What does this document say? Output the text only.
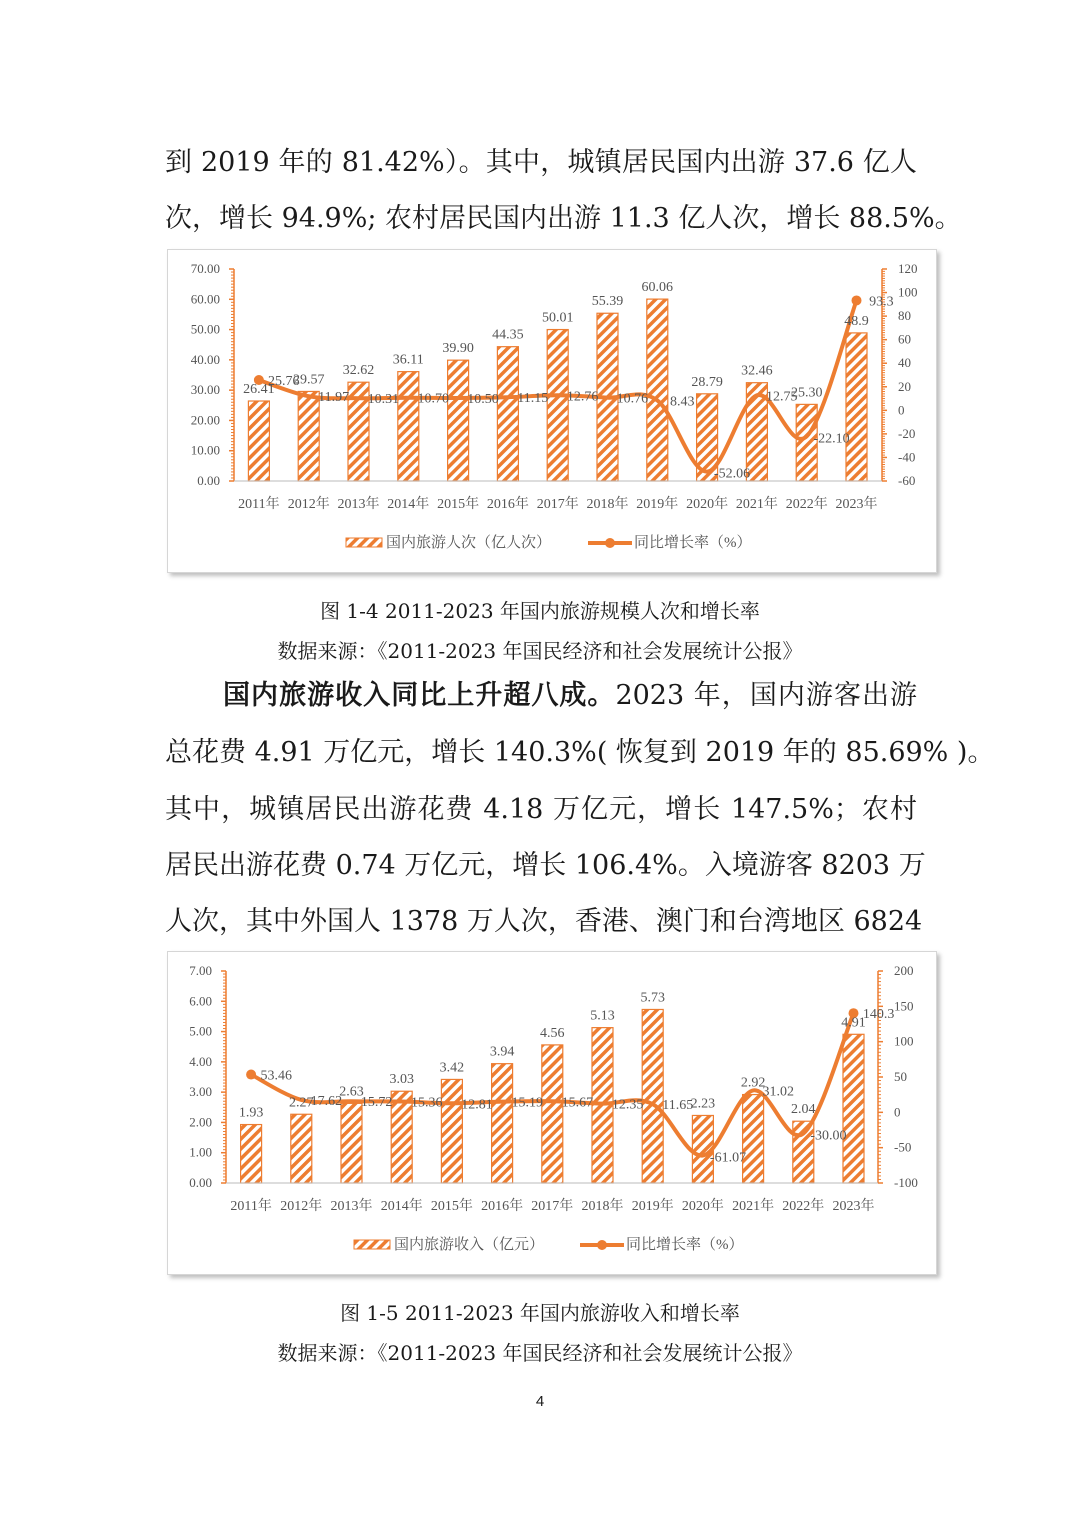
到 2019 年的 81.42%）。其中，城镇居民国内出游 37.6 亿人
次，增长 94.9%; 农村居民国内出游 11.3 亿人次，增长 88.5%。
0.00
10.00
20.00
30.00
40.00
50.00
60.00
70.00
-60
-40
-20
0
20
40
60
80
100
120
2011年 2012年 2013年 2014年 2015年 2016年 2017年 2018年 2019年 2020年 2021年 2022年 2023年
26.41
29.57
32.62
36.11
39.90
44.35
50.01
55.39
60.06
28.79
32.46
25.30
48.9
25.76
11.97 10.31 10.70 10.50 11.15 12.76 10.76 8.43
-52.06
12.75
-22.10
93.3
国内旅游人次（亿人次）	同比增长率（%）
图 1-4 2011-2023 年国内旅游规模人次和增长率
数据来源：《2011-2023 年国民经济和社会发展统计公报》
国内旅游收入同比上升超八成。2023 年，国内游客出游
总花费 4.91 万亿元，增长 140.3%( 恢复到 2019 年的 85.69% )。
其中，城镇居民出游花费 4.18 万亿元，增长 147.5%；农村
居民出游花费 0.74 万亿元，增长 106.4%。入境游客 8203 万
人次，其中外国人 1378 万人次，香港、澳门和台湾地区 6824
0.00
1.00
2.00
3.00
4.00
5.00
6.00
7.00
-100
-50
0
50
100
150
200
2011年 2012年 2013年 2014年 2015年 2016年 2017年 2018年 2019年 2020年 2021年 2022年 2023年
1.93
2.27
2.63
3.03
3.42
3.94
4.56
5.13
5.73
2.23
2.92
2.04
4.91
53.46
17.62 15.72 15.36 12.81 15.19 15.67 12.35 11.65
-61.07
31.02
-30.00
140.3
国内旅游收入（亿元）	同比增长率（%）
图 1-5 2011-2023 年国内旅游收入和增长率
数据来源：《2011-2023 年国民经济和社会发展统计公报》
4
